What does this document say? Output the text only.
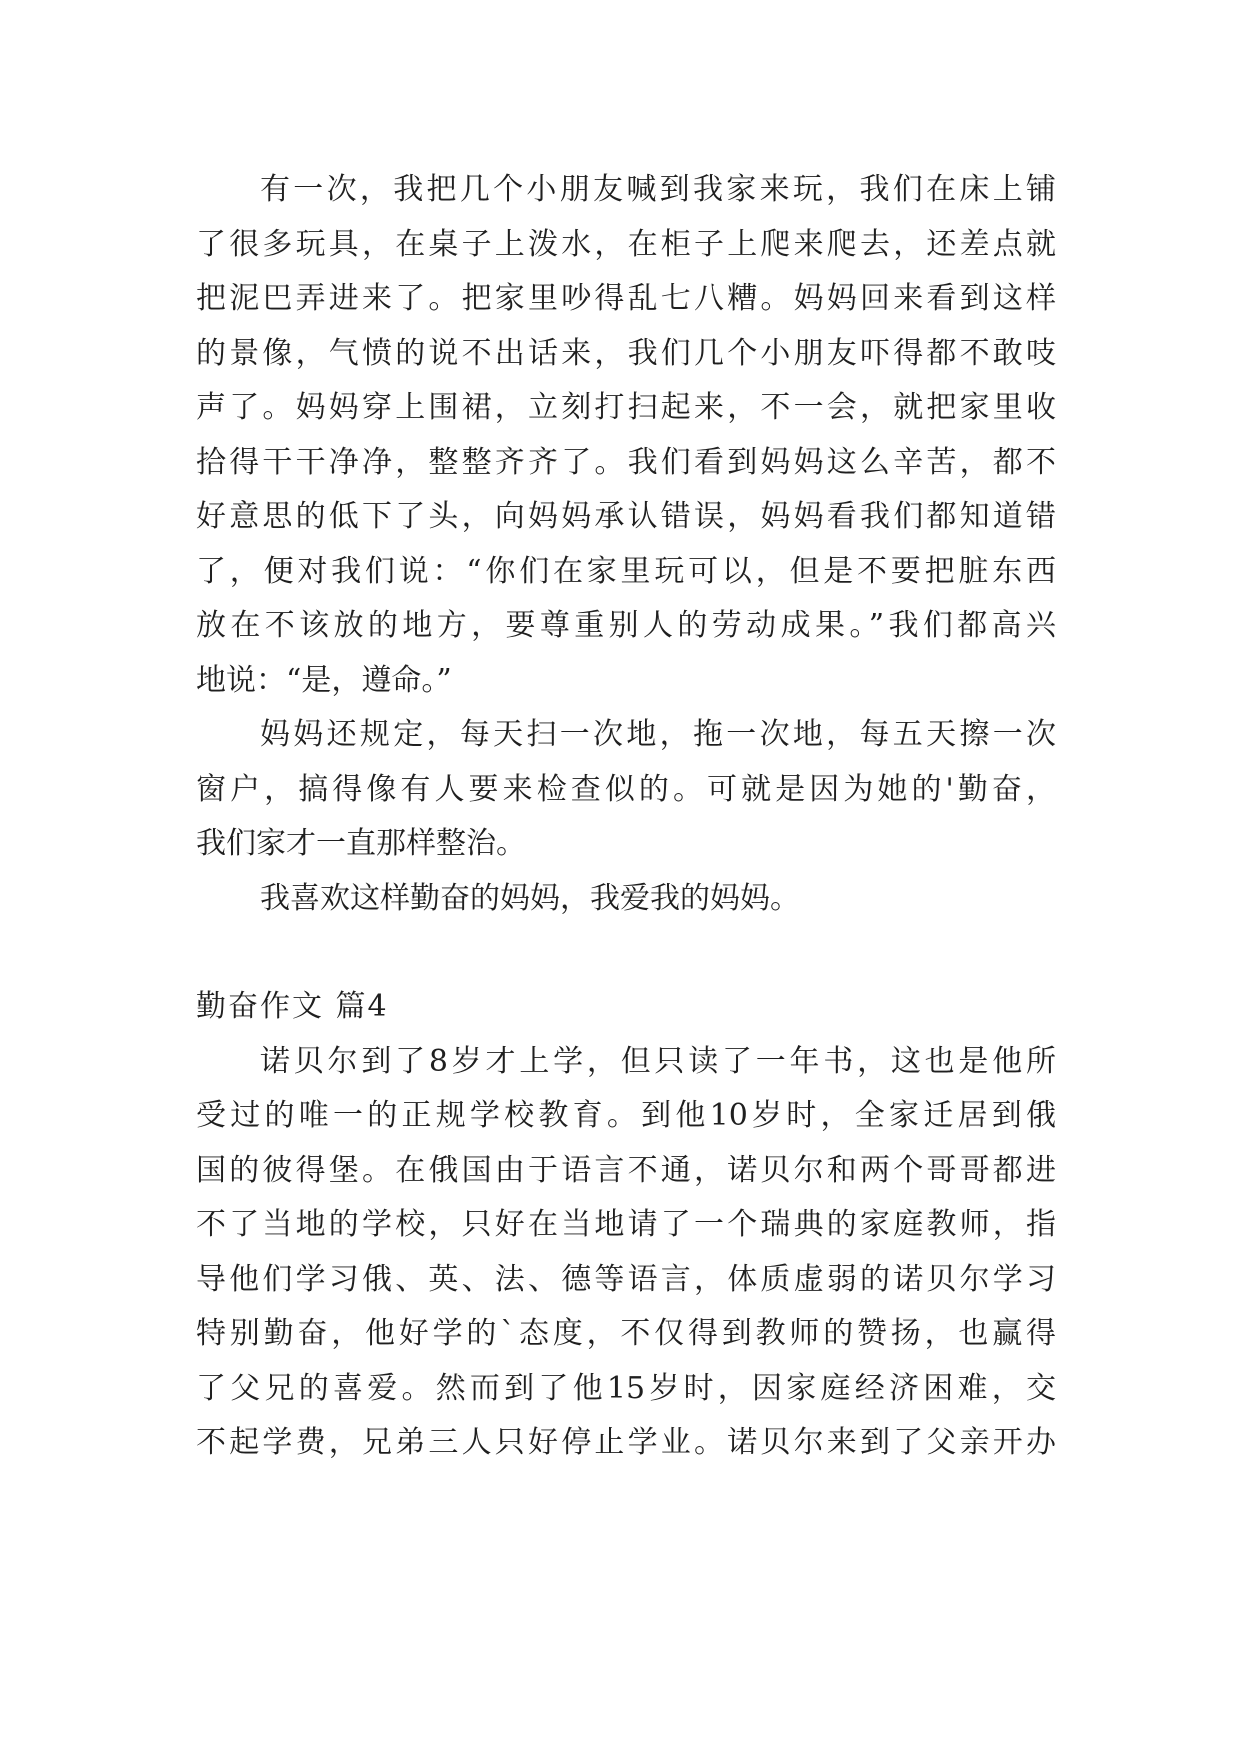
有一次，我把几个小朋友喊到我家来玩，我们在床上铺
了很多玩具，在桌子上泼水，在柜子上爬来爬去，还差点就
把泥巴弄进来了。把家里吵得乱七八糟。妈妈回来看到这样
的景像，气愤的说不出话来，我们几个小朋友吓得都不敢吱
声了。妈妈穿上围裙，立刻打扫起来，不一会，就把家里收
拾得干干净净，整整齐齐了。我们看到妈妈这么辛苦，都不
好意思的低下了头，向妈妈承认错误，妈妈看我们都知道错
了，便对我们说：“你们在家里玩可以，但是不要把脏东西
放在不该放的地方，要尊重别人的劳动成果。”我们都高兴
地说：“是，遵命。”
妈妈还规定，每天扫一次地，拖一次地，每五天擦一次
窗户，搞得像有人要来检查似的。可就是因为她的'勤奋，
我们家才一直那样整治。
我喜欢这样勤奋的妈妈，我爱我的妈妈。
勤奋作文 篇4
诺贝尔到了8岁才上学，但只读了一年书，这也是他所
受过的唯一的正规学校教育。到他10岁时，全家迁居到俄
国的彼得堡。在俄国由于语言不通，诺贝尔和两个哥哥都进
不了当地的学校，只好在当地请了一个瑞典的家庭教师，指
导他们学习俄、英、法、德等语言，体质虚弱的诺贝尔学习
特别勤奋，他好学的`态度，不仅得到教师的赞扬，也赢得
了父兄的喜爱。然而到了他15岁时，因家庭经济困难，交
不起学费，兄弟三人只好停止学业。诺贝尔来到了父亲开办
